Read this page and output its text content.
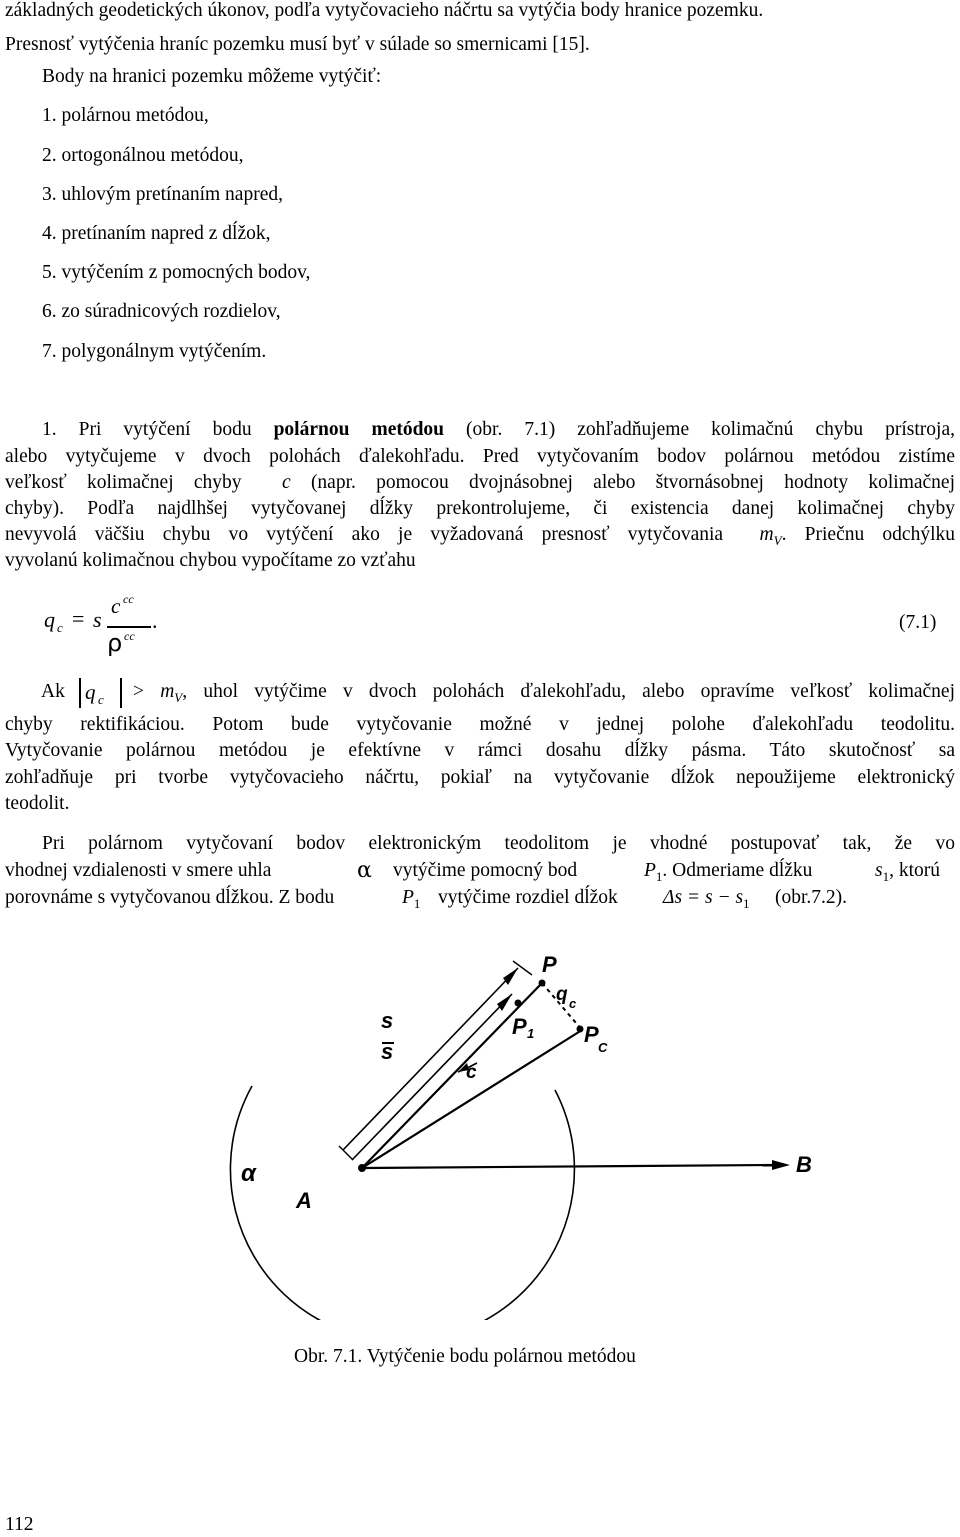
základných geodetických úkonov, podľa vytyčovacieho náčrtu sa vytýčia body hranice pozemku.
Presnosť vytýčenia hraníc pozemku musí byť v súlade so smernicami [15].
Body na hranici pozemku môžeme vytýčiť:
1. polárnou metódou,
2. ortogonálnou metódou,
3. uhlovým pretínaním napred,
4. pretínaním napred z dĺžok,
5. vytýčením z pomocných bodov,
6. zo súradnicových rozdielov,
7. polygonálnym vytýčením.
1. Pri vytýčení bodu polárnou metódou (obr. 7.1) zohľadňujeme kolimačnú chybu prístroja,
alebo vytyčujeme v dvoch polohách ďalekohľadu. Pred vytyčovaním bodov polárnou metódou zistíme
veľkosť kolimačnej chyby c (napr. pomocou dvojnásobnej alebo štvornásobnej hodnoty kolimačnej
chyby). Podľa najdlhšej vytyčovanej dĺžky prekontrolujeme, či existencia danej kolimačnej chyby
nevyvolá väčšiu chybu vo vytýčení ako je vyžadovaná presnosť vytyčovania $m_V$. Priečnu odchýlku
vyvolanú kolimačnou chybou vypočítame zo vzťahu
q c = s
c cc
ρ cc
.	(7.1)
Ak q $c > m_V$, uhol vytýčime v dvoch polohách ďalekohľadu, alebo opravíme veľkosť kolimačnej
chyby rektifikáciou. Potom bude vytyčovanie možné v jednej polohe ďalekohľadu teodolitu.
Vytyčovanie polárnou metódou je efektívne v rámci dosahu dĺžky pásma. Táto skutočnosť sa
zohľadňuje pri tvorbe vytyčovacieho náčrtu, pokiaľ na vytyčovanie dĺžok nepoužijeme elektronický
teodolit.
Pri polárnom vytyčovaní bodov elektronickým teodolitom je vhodné postupovať tak, že vo
vhodnej vzdialenosti v smere uhla	α vytýčime pomocný bod	$P_1$. Odmeriame dĺžku	$s_1$, ktorú
porovnáme s vytyčovanou dĺžkou. Z bodu	$P_1$ vytýčime rozdiel dĺžok $\Delta s = s - s_1$ (obr.7.2).
P
q c
P 1 P
C
s
s
c
α
A
B
Obr. 7.1. Vytýčenie bodu polárnou metódou
112
